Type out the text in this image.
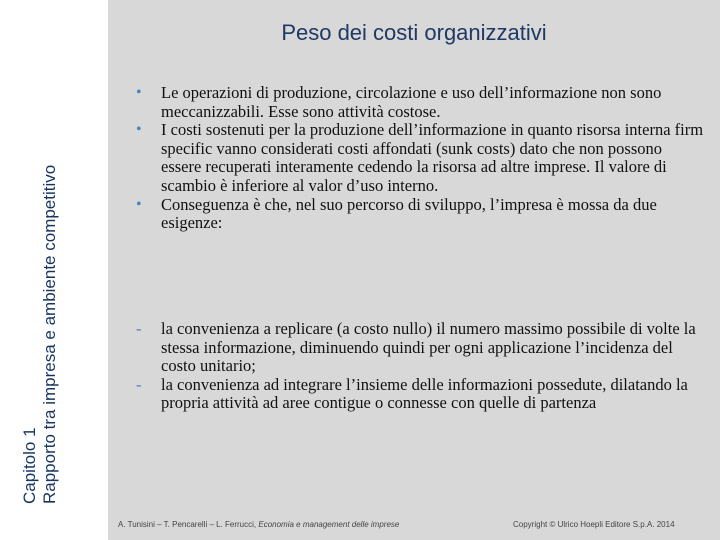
Capitolo 1 Rapporto tra impresa e ambiente competitivo
Peso dei costi organizzativi
• Le operazioni di produzione, circolazione e uso dell’informazione non sono meccanizzabili. Esse sono attività costose.
• I costi sostenuti per la produzione dell’informazione in quanto risorsa interna firm specific vanno considerati costi affondati (sunk costs) dato che non possono essere recuperati interamente cedendo la risorsa ad altre imprese. Il valore di scambio è inferiore al valor d’uso interno.
• Conseguenza è che, nel suo percorso di sviluppo, l’impresa è mossa da due esigenze:
- la convenienza a replicare (a costo nullo) il numero massimo possibile di volte la stessa informazione, diminuendo quindi per ogni applicazione l’incidenza del costo unitario;
- la convenienza ad integrare l’insieme delle informazioni possedute, dilatando la propria attività ad aree contigue o connesse con quelle di partenza
A. Tunisini – T. Pencarelli – L. Ferrucci, Economia e management delle imprese	Copyright © Ulrico Hoepli Editore S.p.A. 2014
